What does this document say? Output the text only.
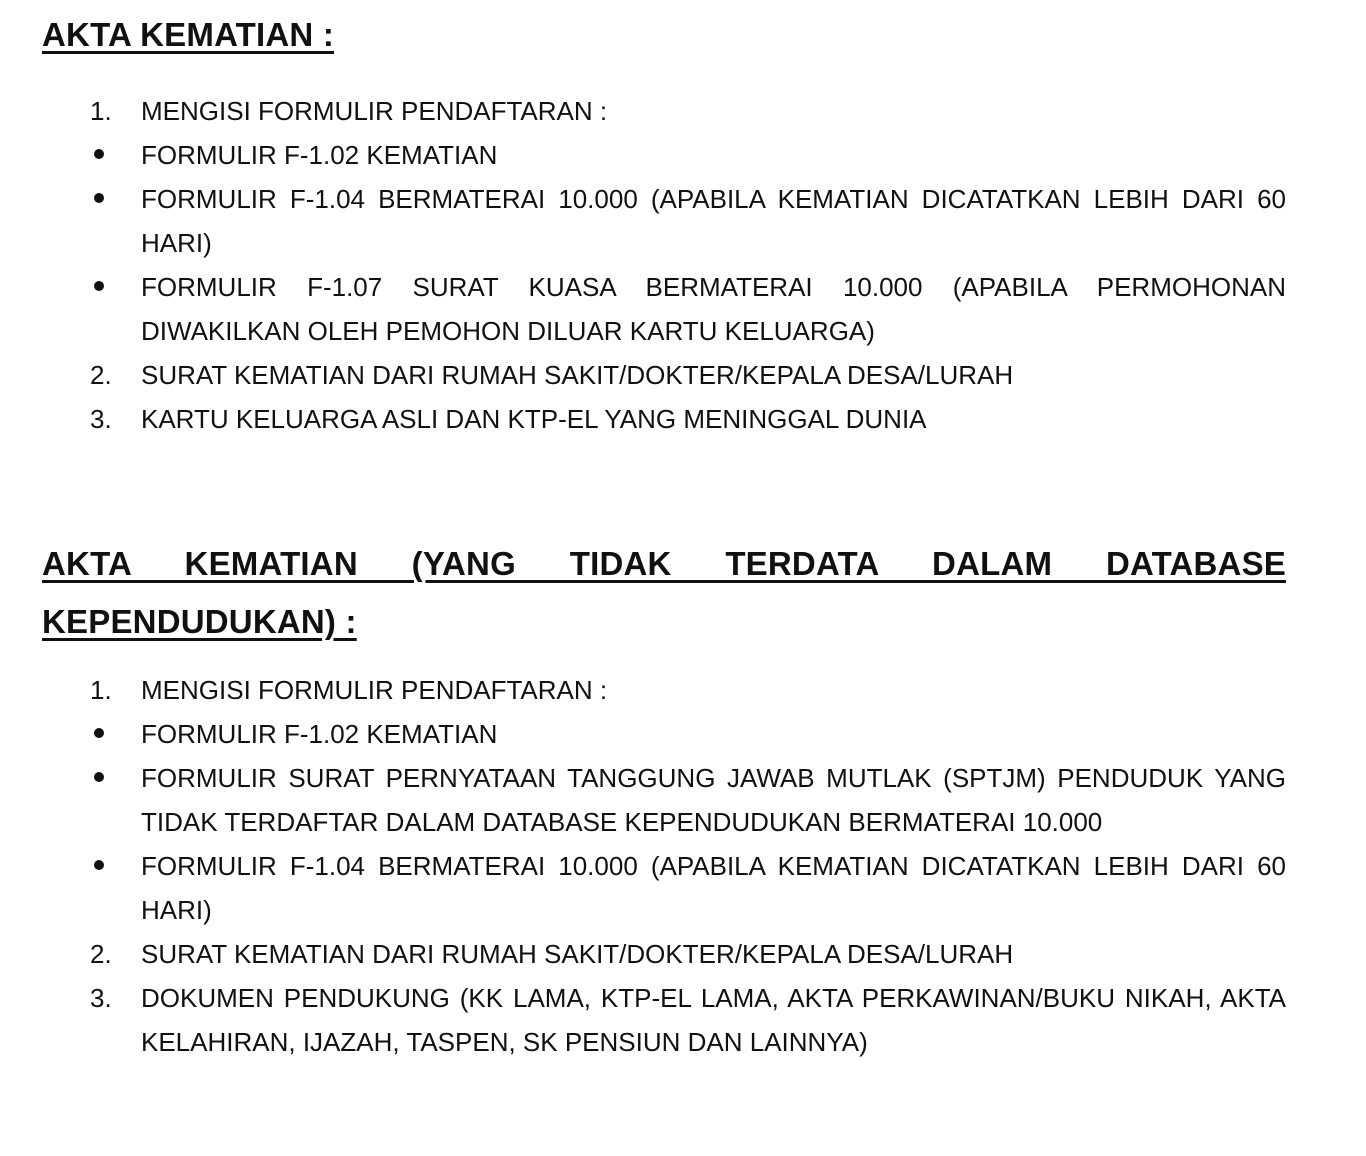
AKTA KEMATIAN :
1. MENGISI FORMULIR PENDAFTARAN :
FORMULIR F-1.02 KEMATIAN
FORMULIR F-1.04 BERMATERAI 10.000 (APABILA KEMATIAN DICATATKAN LEBIH DARI 60 HARI)
FORMULIR F-1.07 SURAT KUASA BERMATERAI 10.000 (APABILA PERMOHONAN DIWAKILKAN OLEH PEMOHON DILUAR KARTU KELUARGA)
2. SURAT KEMATIAN DARI RUMAH SAKIT/DOKTER/KEPALA DESA/LURAH
3. KARTU KELUARGA ASLI DAN KTP-EL YANG MENINGGAL DUNIA
AKTA KEMATIAN (YANG TIDAK TERDATA DALAM DATABASE KEPENDUDUKAN) :
1. MENGISI FORMULIR PENDAFTARAN :
FORMULIR F-1.02 KEMATIAN
FORMULIR SURAT PERNYATAAN TANGGUNG JAWAB MUTLAK (SPTJM) PENDUDUK YANG TIDAK TERDAFTAR DALAM DATABASE KEPENDUDUKAN BERMATERAI 10.000
FORMULIR F-1.04 BERMATERAI 10.000 (APABILA KEMATIAN DICATATKAN LEBIH DARI 60 HARI)
2. SURAT KEMATIAN DARI RUMAH SAKIT/DOKTER/KEPALA DESA/LURAH
3. DOKUMEN PENDUKUNG (KK LAMA, KTP-EL LAMA, AKTA PERKAWINAN/BUKU NIKAH, AKTA KELAHIRAN, IJAZAH, TASPEN, SK PENSIUN DAN LAINNYA)
